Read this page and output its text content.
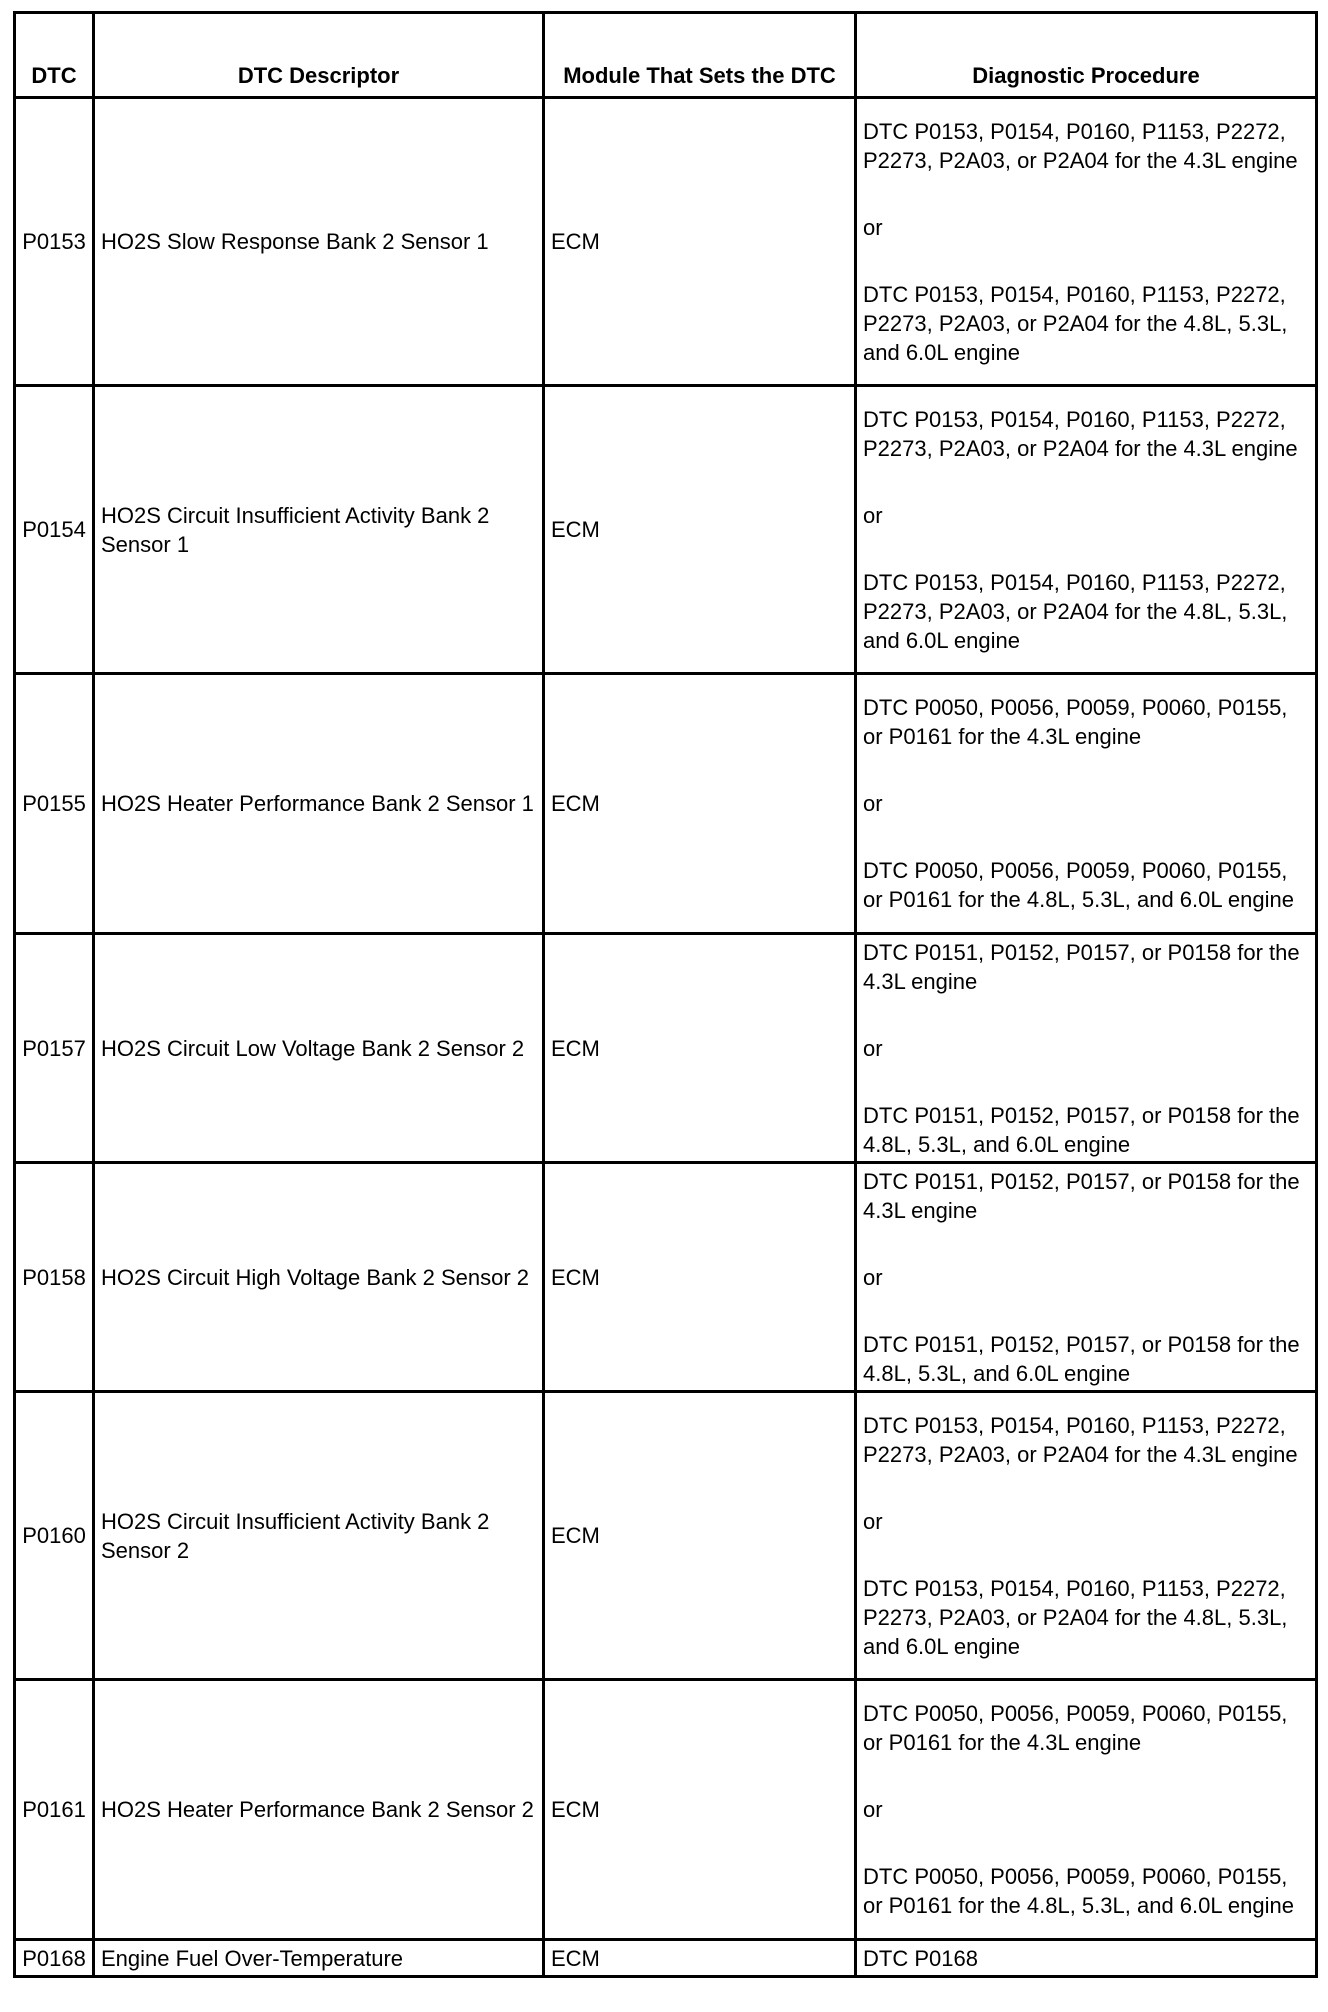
DTC	DTC Descriptor	Module That Sets the DTC	Diagnostic Procedure
P0153	HO2S Slow Response Bank 2 Sensor 1	ECM	DTC P0153, P0154, P0160, P1153, P2272, P2273, P2A03, or P2A04 for the 4.3L engine
or
DTC P0153, P0154, P0160, P1153, P2272, P2273, P2A03, or P2A04 for the 4.8L, 5.3L, and 6.0L engine

P0154	HO2S Circuit Insufficient Activity Bank 2 Sensor 1	ECM	DTC P0153, P0154, P0160, P1153, P2272, P2273, P2A03, or P2A04 for the 4.3L engine
or
DTC P0153, P0154, P0160, P1153, P2272, P2273, P2A03, or P2A04 for the 4.8L, 5.3L, and 6.0L engine

P0155	HO2S Heater Performance Bank 2 Sensor 1	ECM	DTC P0050, P0056, P0059, P0060, P0155, or P0161 for the 4.3L engine
or
DTC P0050, P0056, P0059, P0060, P0155, or P0161 for the 4.8L, 5.3L, and 6.0L engine

P0157	HO2S Circuit Low Voltage Bank 2 Sensor 2	ECM	DTC P0151, P0152, P0157, or P0158 for the 4.3L engine
or
DTC P0151, P0152, P0157, or P0158 for the 4.8L, 5.3L, and 6.0L engine

P0158	HO2S Circuit High Voltage Bank 2 Sensor 2	ECM	DTC P0151, P0152, P0157, or P0158 for the 4.3L engine
or
DTC P0151, P0152, P0157, or P0158 for the 4.8L, 5.3L, and 6.0L engine

P0160	HO2S Circuit Insufficient Activity Bank 2 Sensor 2	ECM	DTC P0153, P0154, P0160, P1153, P2272, P2273, P2A03, or P2A04 for the 4.3L engine
or
DTC P0153, P0154, P0160, P1153, P2272, P2273, P2A03, or P2A04 for the 4.8L, 5.3L, and 6.0L engine

P0161	HO2S Heater Performance Bank 2 Sensor 2	ECM	DTC P0050, P0056, P0059, P0060, P0155, or P0161 for the 4.3L engine
or
DTC P0050, P0056, P0059, P0060, P0155, or P0161 for the 4.8L, 5.3L, and 6.0L engine

P0168	Engine Fuel Over-Temperature	ECM	DTC P0168
